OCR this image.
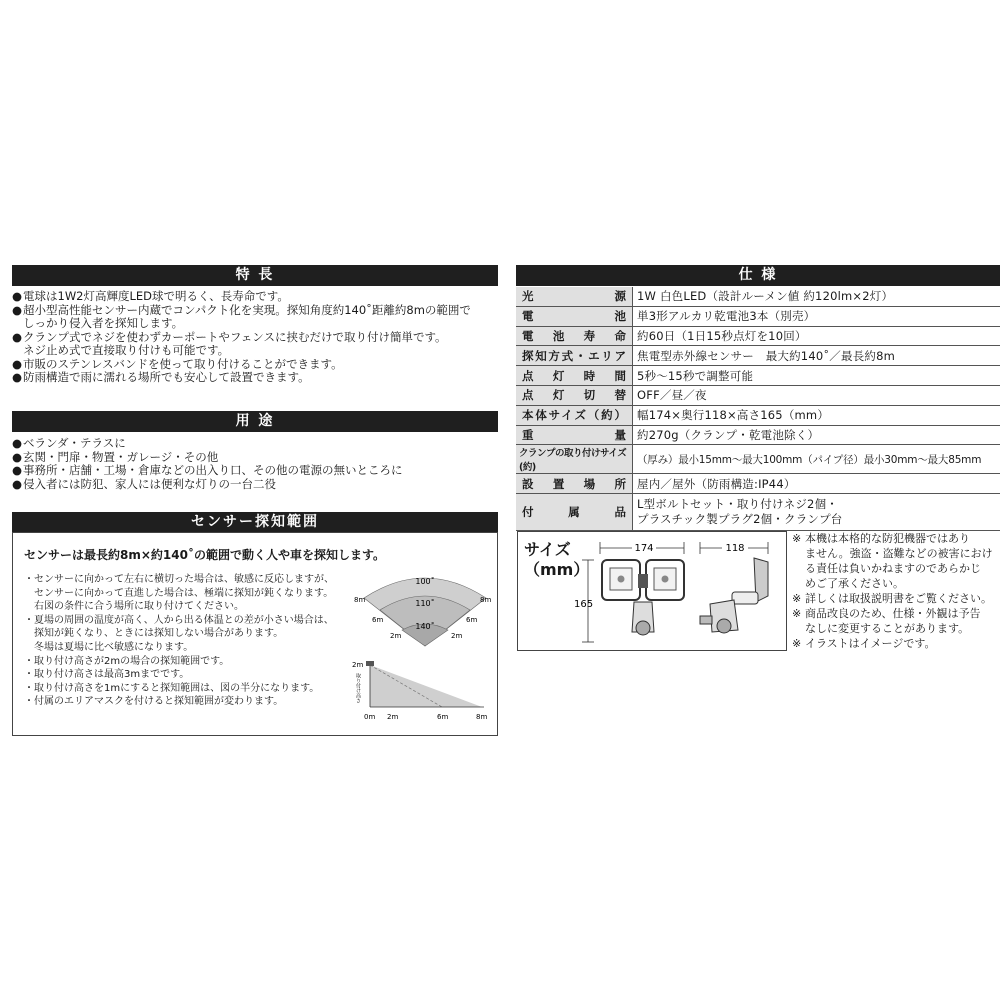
特 長
● 電球は1W2灯高輝度LED球で明るく、長寿命です。
● 超小型高性能センサー内蔵でコンパクト化を実現。探知角度約140˚距離約8mの範囲で
しっかり侵入者を探知します。
● クランプ式でネジを使わずカーポートやフェンスに挟むだけで取り付け簡単です。
ネジ止め式で直接取り付けも可能です。
● 市販のステンレスバンドを使って取り付けることができます。
● 防雨構造で雨に濡れる場所でも安心して設置できます。
用 途
● ベランダ・テラスに
● 玄関・門扉・物置・ガレージ・その他
● 事務所・店舗・工場・倉庫などの出入り口、その他の電源の無いところに
● 侵入者には防犯、家人には便利な灯りの一台二役
センサー探知範囲
センサーは最長約8m×約140˚の範囲で動く人や車を探知します。
・ センサーに向かって左右に横切った場合は、敏感に反応しますが、
センサーに向かって直進した場合は、極端に探知が鈍くなります。
右図の条件に合う場所に取り付けてください。
・ 夏場の周囲の温度が高く、人から出る体温との差が小さい場合は、
探知が鈍くなり、ときには探知しない場合があります。
冬場は夏場に比べ敏感になります。
・ 取り付け高さが2mの場合の探知範囲です。
・ 取り付け高さは最高3mまでです。
・ 取り付け高さを1mにすると探知範囲は、図の半分になります。
・ 付属のエリアマスクを付けると探知範囲が変わります。
100˚
110˚
140˚
8m
6m
2m
8m
6m
2m
2m
取り付け高さ
0m 2m	6m	8m
仕 様
光源	1W 白色LED（設計ルーメン値 約120lm×2灯）
電池	単3形アルカリ乾電池3本（別売）
電池寿命	約60日（1日15秒点灯を10回）
探知方式・エリア	焦電型赤外線センサー　最大約140˚／最長約8m
点灯時間	5秒～15秒で調整可能
点灯切替	OFF／昼／夜
本体サイズ（約）	幅174×奥行118×高さ165（mm）
重量	約270g（クランプ・乾電池除く）
クランプの取り付けサイズ(約)	（厚み）最小15mm～最大100mm（パイプ径）最小30mm～最大85mm
設置場所	屋内／屋外（防雨構造:IP44）
付属品	L型ボルトセット・取り付けネジ2個・
プラスチック製プラグ2個・クランプ台
サイズ
（mm）
174
165
118
※ 本機は本格的な防犯機器ではあり
ません。強盗・盗難などの被害におけ
る責任は負いかねますのであらかじ
めご了承ください。
※ 詳しくは取扱説明書をご覧ください。
※ 商品改良のため、仕様・外観は予告
なしに変更することがあります。
※ イラストはイメージです。
